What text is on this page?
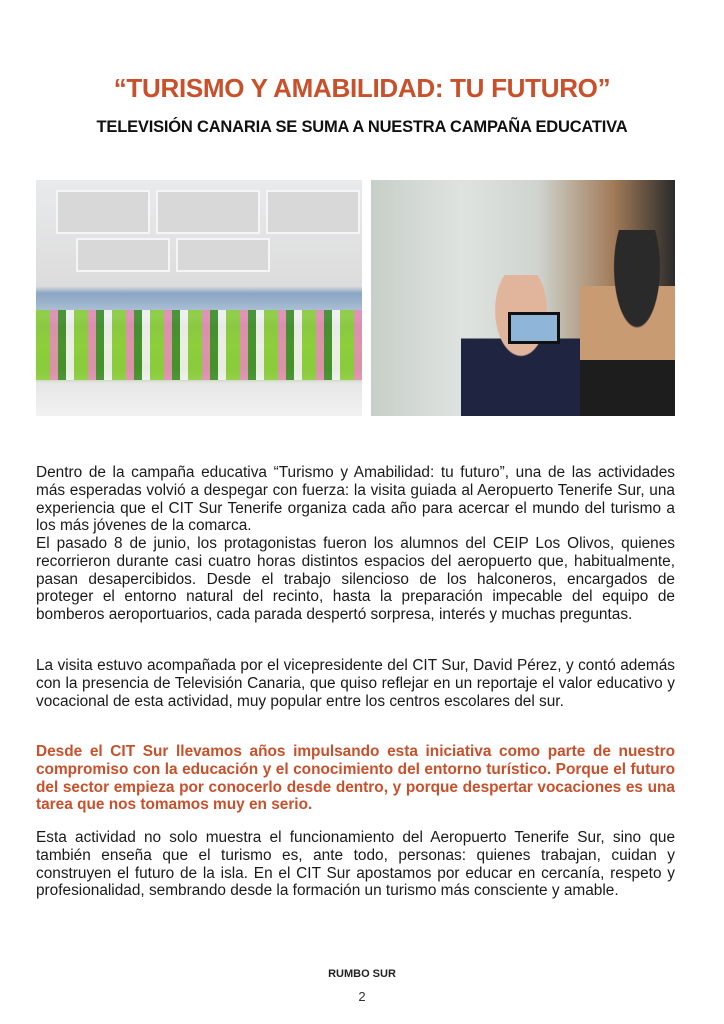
“TURISMO Y AMABILIDAD: TU FUTURO”
TELEVISIÓN CANARIA SE SUMA A NUESTRA CAMPAÑA EDUCATIVA

Dentro de la campaña educativa “Turismo y Amabilidad: tu futuro”, una de las actividades más esperadas volvió a despegar con fuerza: la visita guiada al Aeropuerto Tenerife Sur, una experiencia que el CIT Sur Tenerife organiza cada año para acercar el mundo del turismo a los más jóvenes de la comarca.

El pasado 8 de junio, los protagonistas fueron los alumnos del CEIP Los Olivos, quienes recorrieron durante casi cuatro horas distintos espacios del aeropuerto que, habitualmente, pasan desapercibidos. Desde el trabajo silencioso de los halconeros, encargados de proteger el entorno natural del recinto, hasta la preparación impecable del equipo de bomberos aeroportuarios, cada parada despertó sorpresa, interés y muchas preguntas.

La visita estuvo acompañada por el vicepresidente del CIT Sur, David Pérez, y contó además con la presencia de Televisión Canaria, que quiso reflejar en un reportaje el valor educativo y vocacional de esta actividad, muy popular entre los centros escolares del sur.

Desde el CIT Sur llevamos años impulsando esta iniciativa como parte de nuestro compromiso con la educación y el conocimiento del entorno turístico. Porque el futuro del sector empieza por conocerlo desde dentro, y porque despertar vocaciones es una tarea que nos tomamos muy en serio.

Esta actividad no solo muestra el funcionamiento del Aeropuerto Tenerife Sur, sino que también enseña que el turismo es, ante todo, personas: quienes trabajan, cuidan y construyen el futuro de la isla. En el CIT Sur apostamos por educar en cercanía, respeto y profesionalidad, sembrando desde la formación un turismo más consciente y amable.

RUMBO SUR
2
